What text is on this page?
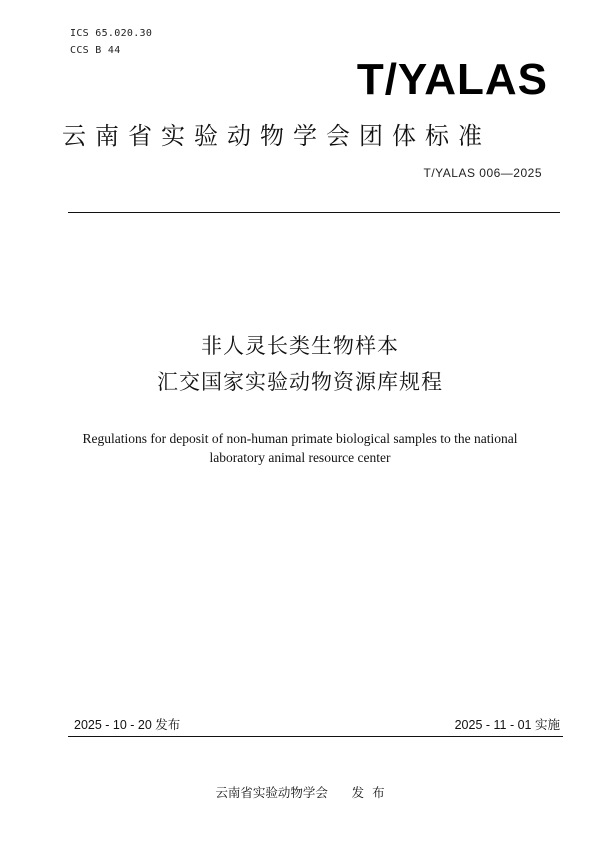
ICS 65.020.30
CCS B 44
T/YALAS
云南省实验动物学会团体标准
T/YALAS 006—2025
非人灵长类生物样本
汇交国家实验动物资源库规程
Regulations for deposit of non-human primate biological samples to the national
laboratory animal resource center
2025 - 10 - 20 发布	2025 - 11 - 01 实施
云南省实验动物学会      发  布
